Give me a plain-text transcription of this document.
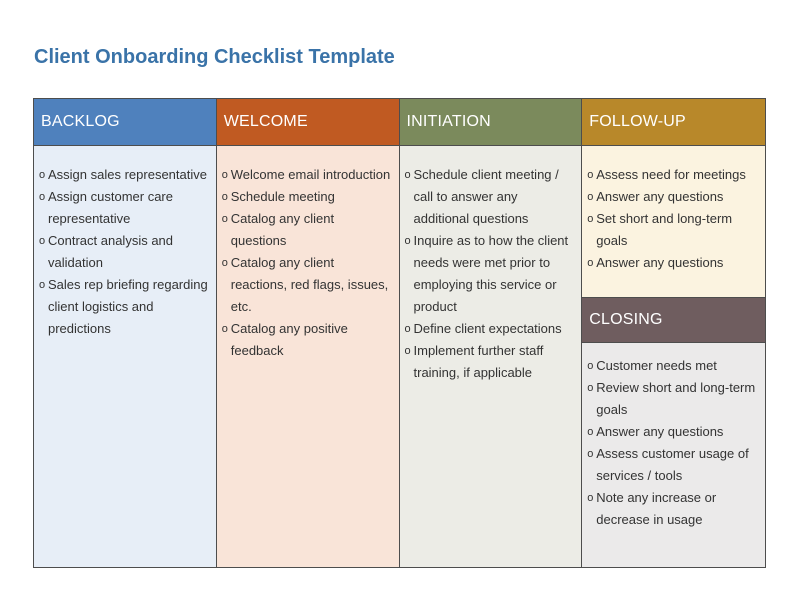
Client Onboarding Checklist Template
BACKLOG
o Assign sales representative
o Assign customer care representative
o Contract analysis and validation
o Sales rep briefing regarding client logistics and predictions
WELCOME
o Welcome email introduction
o Schedule meeting
o Catalog any client questions
o Catalog any client reactions, red flags, issues, etc.
o Catalog any positive feedback
INITIATION
o Schedule client meeting / call to answer any additional questions
o Inquire as to how the client needs were met prior to employing this service or product
o Define client expectations
o Implement further staff training, if applicable
FOLLOW-UP
o Assess need for meetings
o Answer any questions
o Set short and long-term goals
o Answer any questions
CLOSING
o Customer needs met
o Review short and long-term goals
o Answer any questions
o Assess customer usage of services / tools
o Note any increase or decrease in usage
